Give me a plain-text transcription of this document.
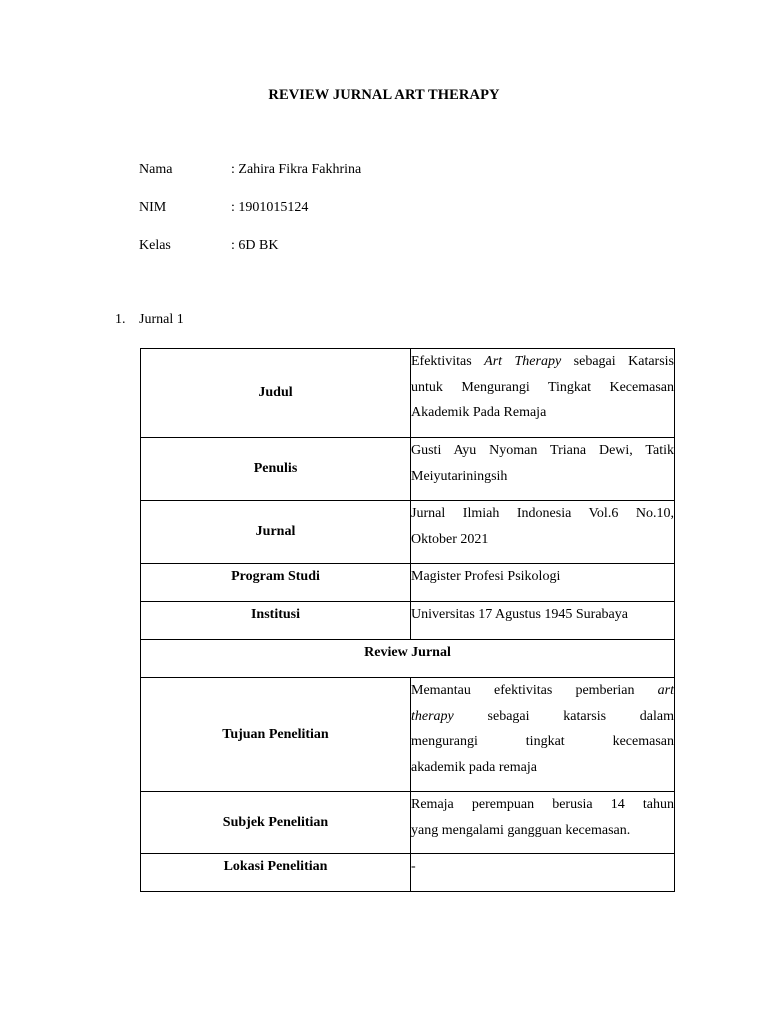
REVIEW JURNAL ART THERAPY
Nama	: Zahira Fikra Fakhrina
NIM	: 1901015124
Kelas	: 6D BK
1. Jurnal 1
Judul	Efektivitas Art Therapy sebagai Katarsis
untuk Mengurangi Tingkat Kecemasan
Akademik Pada Remaja

Penulis	Gusti Ayu Nyoman Triana Dewi, Tatik
Meiyutariningsih

Jurnal	Jurnal Ilmiah Indonesia Vol.6 No.10,
Oktober 2021

Program Studi	Magister Profesi Psikologi
Institusi	Universitas 17 Agustus 1945 Surabaya
Review Jurnal	
Tujuan Penelitian	Memantau efektivitas pemberian art
therapy sebagai katarsis dalam
mengurangi tingkat kecemasan
akademik pada remaja

Subjek Penelitian	Remaja perempuan berusia 14 tahun
yang mengalami gangguan kecemasan.

Lokasi Penelitian	-
